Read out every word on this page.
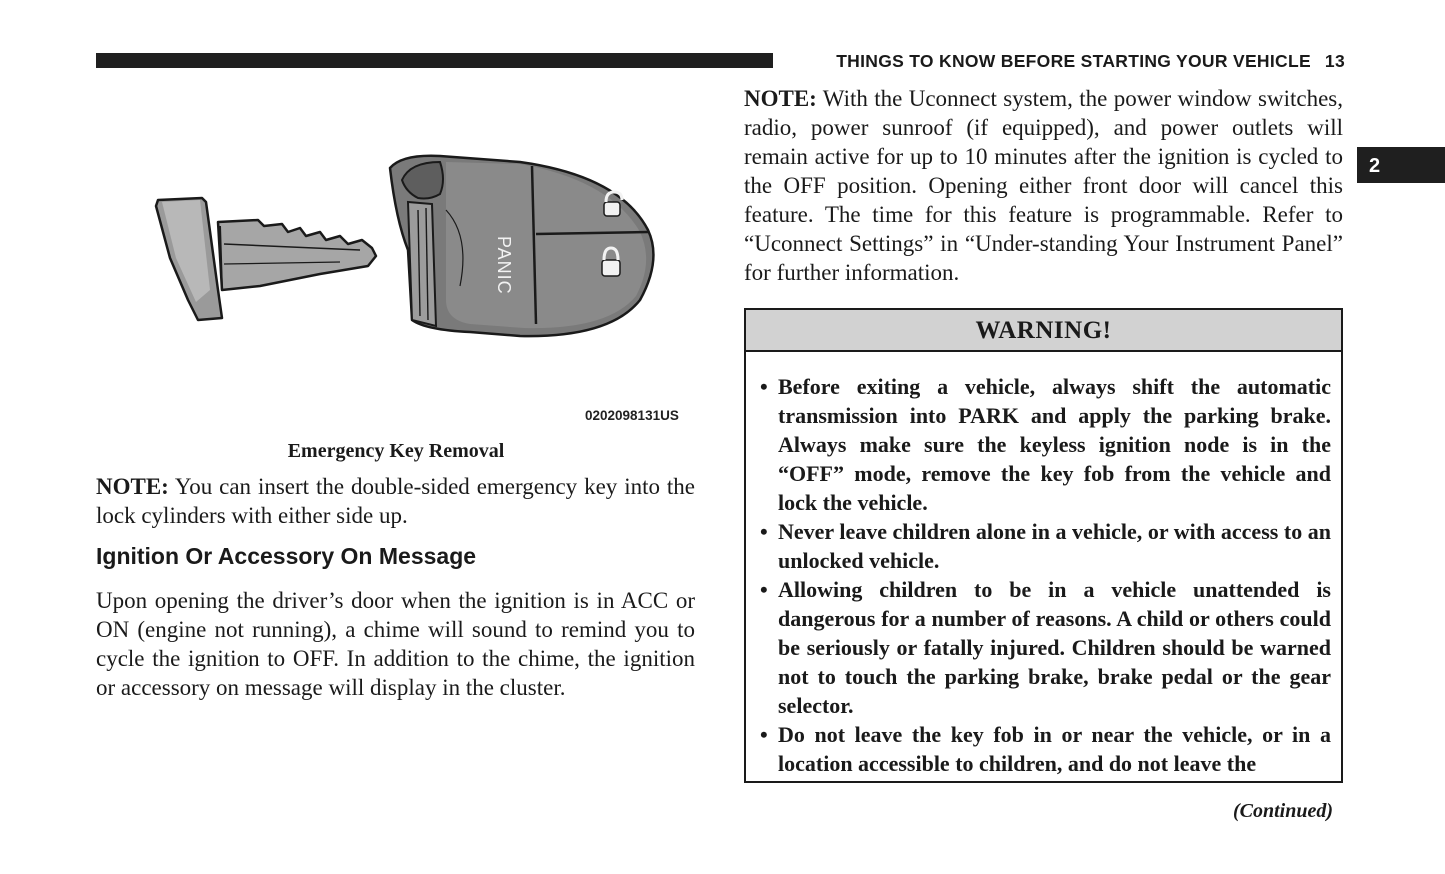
THINGS TO KNOW BEFORE STARTING YOUR VEHICLE 13
2
PANIC
0202098131US
Emergency Key Removal

NOTE: You can insert the double-sided emergency key into the lock cylinders with either side up.

Ignition Or Accessory On Message

Upon opening the driver’s door when the ignition is in ACC or ON (engine not running), a chime will sound to remind you to cycle the ignition to OFF. In addition to the chime, the ignition or accessory on message will display in the cluster.

NOTE: With the Uconnect system, the power window switches, radio, power sunroof (if equipped), and power outlets will remain active for up to 10 minutes after the ignition is cycled to the OFF position. Opening either front door will cancel this feature. The time for this feature is programmable. Refer to “Uconnect Settings” in “Under-standing Your Instrument Panel” for further information.

WARNING!
• Before exiting a vehicle, always shift the automatic transmission into PARK and apply the parking brake. Always make sure the keyless ignition node is in the “OFF” mode, remove the key fob from the vehicle and lock the vehicle.
• Never leave children alone in a vehicle, or with access to an unlocked vehicle.
• Allowing children to be in a vehicle unattended is dangerous for a number of reasons. A child or others could be seriously or fatally injured. Children should be warned not to touch the parking brake, brake pedal or the gear selector.
• Do not leave the key fob in or near the vehicle, or in a location accessible to children, and do not leave the
(Continued)
